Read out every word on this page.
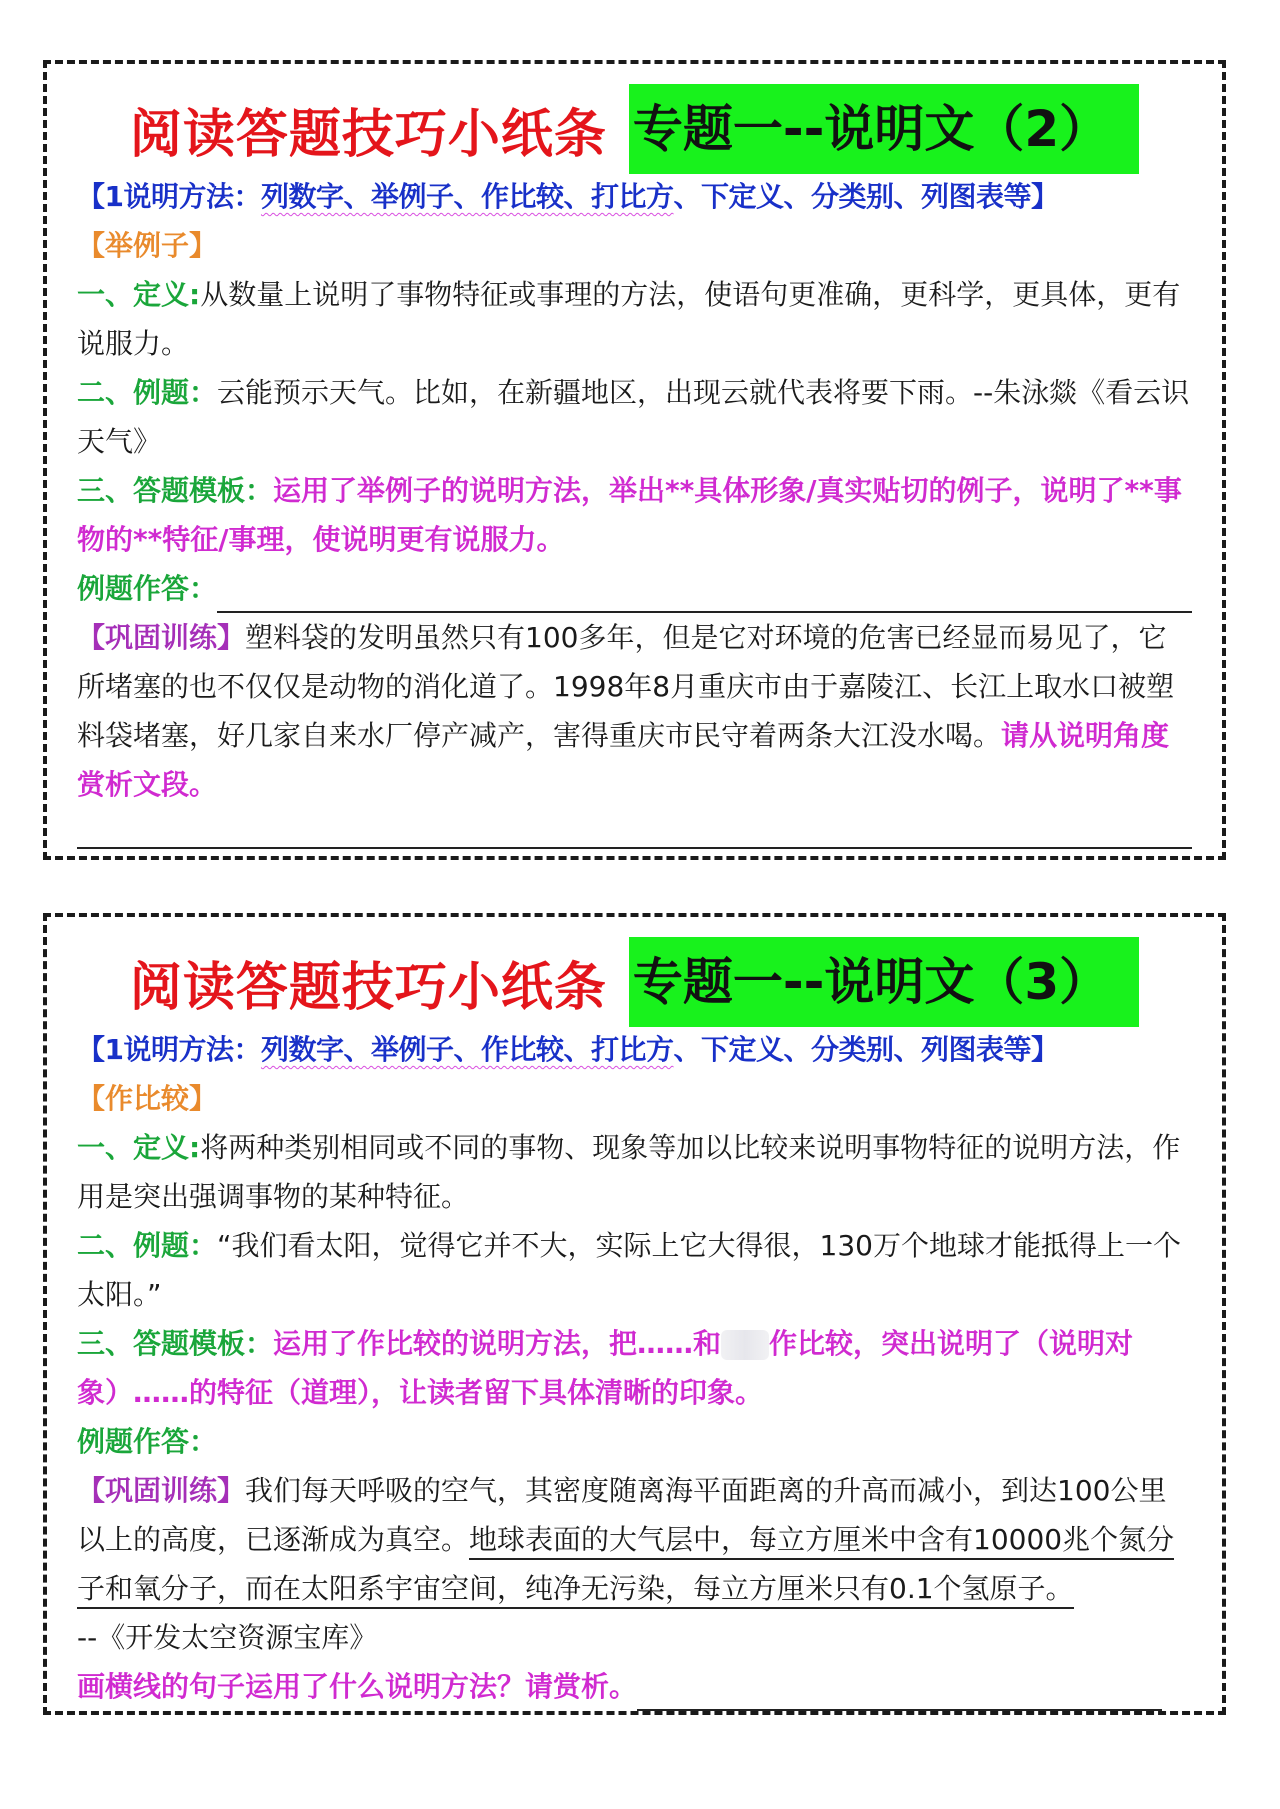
阅读答题技巧小纸条 专题一--说明文（2）
【1说明方法：列数字、举例子、作比较、打比方、下定义、分类别、列图表等】
【举例子】
一、定义:从数量上说明了事物特征或事理的方法，使语句更准确，更科学，更具体，更有说服力。
二、例题：云能预示天气。比如，在新疆地区，出现云就代表将要下雨。--朱泳燚《看云识天气》
三、答题模板：运用了举例子的说明方法，举出**具体形象/真实贴切的例子，说明了**事物的**特征/事理，使说明更有说服力。
例题作答：
【巩固训练】塑料袋的发明虽然只有100多年，但是它对环境的危害已经显而易见了，它所堵塞的也不仅仅是动物的消化道了。1998年8月重庆市由于嘉陵江、长江上取水口被塑料袋堵塞，好几家自来水厂停产减产，害得重庆市民守着两条大江没水喝。请从说明角度赏析文段。
阅读答题技巧小纸条 专题一--说明文（3）
【1说明方法：列数字、举例子、作比较、打比方、下定义、分类别、列图表等】
【作比较】
一、定义:将两种类别相同或不同的事物、现象等加以比较来说明事物特征的说明方法，作用是突出强调事物的某种特征。
二、例题：“我们看太阳，觉得它并不大，实际上它大得很，130万个地球才能抵得上一个太阳。”
三、答题模板：运用了作比较的说明方法，把……和 作比较，突出说明了（说明对象）……的特征（道理），让读者留下具体清晰的印象。
例题作答：
【巩固训练】我们每天呼吸的空气，其密度随离海平面距离的升高而减小，到达100公里以上的高度，已逐渐成为真空。地球表面的大气层中，每立方厘米中含有10000兆个氮分子和氧分子，而在太阳系宇宙空间，纯净无污染，每立方厘米只有0.1个氢原子。
--《开发太空资源宝库》
画横线的句子运用了什么说明方法？请赏析。
